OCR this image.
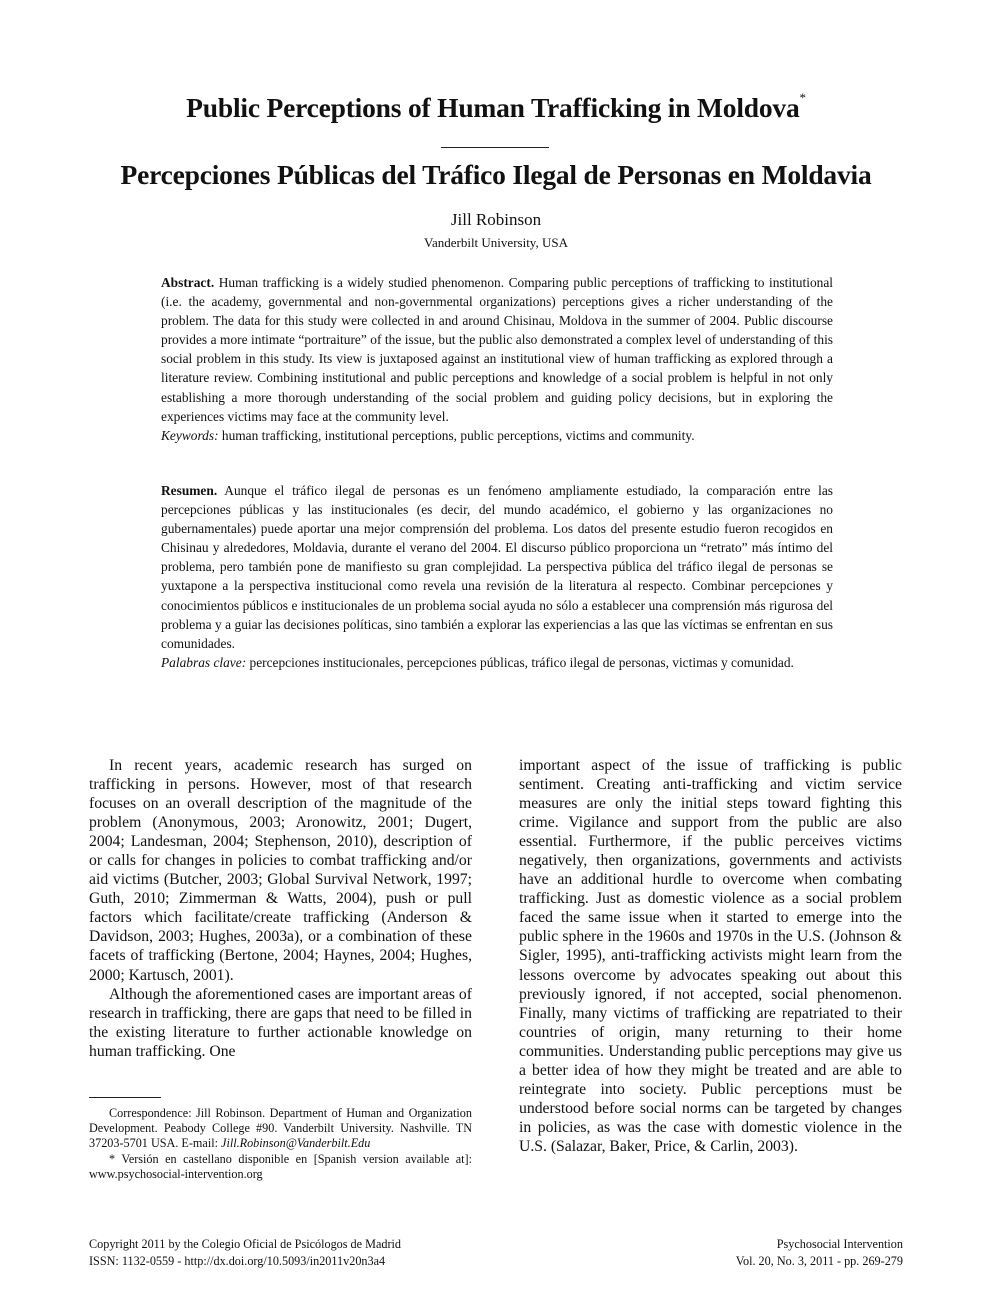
Public Perceptions of Human Trafficking in Moldova*
Percepciones Públicas del Tráfico Ilegal de Personas en Moldavia
Jill Robinson
Vanderbilt University, USA
Abstract. Human trafficking is a widely studied phenomenon. Comparing public perceptions of trafficking to institutional (i.e. the academy, governmental and non-governmental organizations) perceptions gives a richer understanding of the problem. The data for this study were collected in and around Chisinau, Moldova in the summer of 2004. Public discourse provides a more intimate “portraiture” of the issue, but the public also demonstrated a complex level of understanding of this social problem in this study. Its view is juxtaposed against an institutional view of human trafficking as explored through a literature review. Combining institutional and public perceptions and knowledge of a social problem is helpful in not only establishing a more thorough understanding of the social problem and guiding policy decisions, but in exploring the experiences victims may face at the community level.
Keywords: human trafficking, institutional perceptions, public perceptions, victims and community.
Resumen. Aunque el tráfico ilegal de personas es un fenómeno ampliamente estudiado, la comparación entre las percepciones públicas y las institucionales (es decir, del mundo académico, el gobierno y las organizaciones no gubernamentales) puede aportar una mejor comprensión del problema. Los datos del presente estudio fueron recogidos en Chisinau y alrededores, Moldavia, durante el verano del 2004. El discurso público proporciona un “retrato” más íntimo del problema, pero también pone de manifiesto su gran complejidad. La perspectiva pública del tráfico ilegal de personas se yuxtapone a la perspectiva institucional como revela una revisión de la literatura al respecto. Combinar percepciones y conocimientos públicos e institucionales de un problema social ayuda no sólo a establecer una comprensión más rigurosa del problema y a guiar las decisiones políticas, sino también a explorar las experiencias a las que las víctimas se enfrentan en sus comunidades.
Palabras clave: percepciones institucionales, percepciones públicas, tráfico ilegal de personas, victimas y comunidad.

In recent years, academic research has surged on trafficking in persons. However, most of that research focuses on an overall description of the magnitude of the problem (Anonymous, 2003; Aronowitz, 2001; Dugert, 2004; Landesman, 2004; Stephenson, 2010), description of or calls for changes in policies to combat trafficking and/or aid victims (Butcher, 2003; Global Survival Network, 1997; Guth, 2010; Zimmerman & Watts, 2004), push or pull factors which facilitate/create trafficking (Anderson & Davidson, 2003; Hughes, 2003a), or a combination of these facets of trafficking (Bertone, 2004; Haynes, 2004; Hughes, 2000; Kartusch, 2001).

Although the aforementioned cases are important areas of research in trafficking, there are gaps that need to be filled in the existing literature to further actionable knowledge on human trafficking. One

important aspect of the issue of trafficking is public sentiment. Creating anti-trafficking and victim service measures are only the initial steps toward fighting this crime. Vigilance and support from the public are also essential. Furthermore, if the public perceives victims negatively, then organizations, governments and activists have an additional hurdle to overcome when combating trafficking. Just as domestic violence as a social problem faced the same issue when it started to emerge into the public sphere in the 1960s and 1970s in the U.S. (Johnson & Sigler, 1995), anti-trafficking activists might learn from the lessons overcome by advocates speaking out about this previously ignored, if not accepted, social phenomenon. Finally, many victims of trafficking are repatriated to their countries of origin, many returning to their home communities. Understanding public perceptions may give us a better idea of how they might be treated and are able to reintegrate into society. Public perceptions must be understood before social norms can be targeted by changes in policies, as was the case with domestic violence in the U.S. (Salazar, Baker, Price, & Carlin, 2003).

Correspondence: Jill Robinson. Department of Human and Organization Development. Peabody College #90. Vanderbilt University. Nashville. TN 37203-5701 USA. E-mail: Jill.Robinson@Vanderbilt.Edu

* Versión en castellano disponible en [Spanish version available at]: www.psychosocial-intervention.org

Copyright 2011 by the Colegio Oficial de Psicólogos de Madrid
ISSN: 1132-0559 - http://dx.doi.org/10.5093/in2011v20n3a4
Psychosocial Intervention
Vol. 20, No. 3, 2011 - pp. 269-279
